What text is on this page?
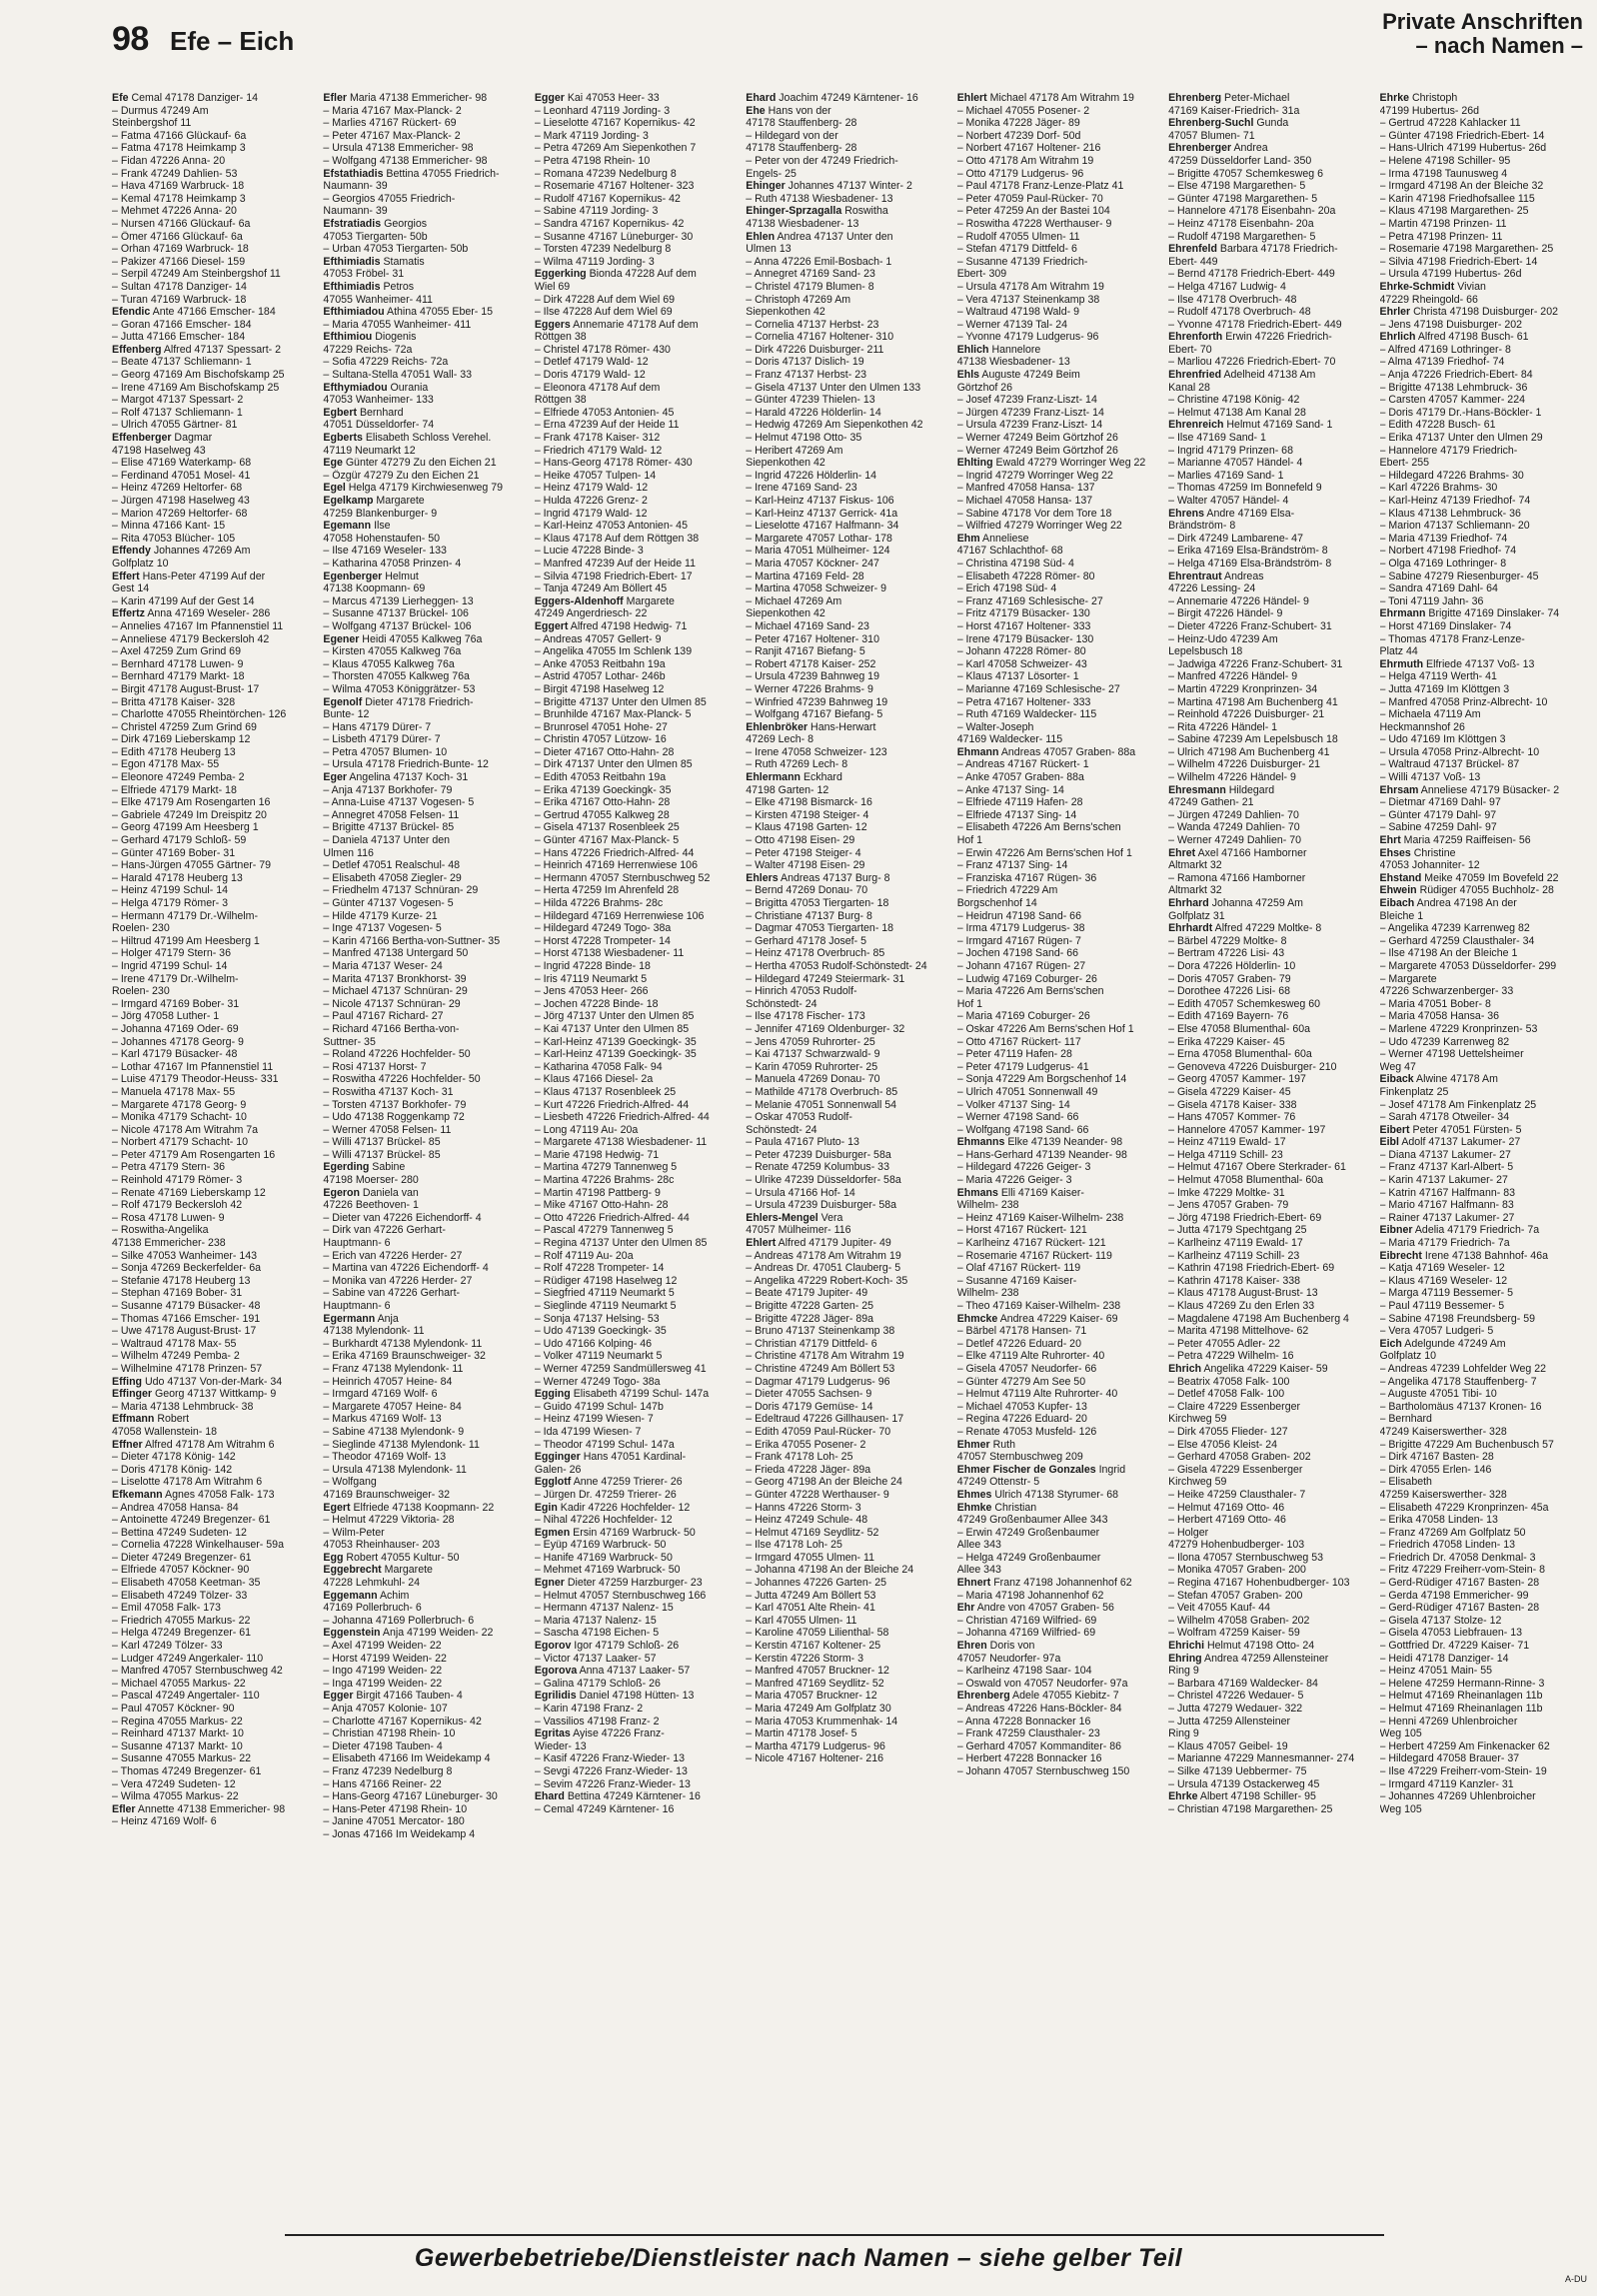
98 Efe – Eich
Private Anschriften
– nach Namen –
Efe Cemal 47178 Danziger- 14
– Durmus 47249 Am
Steinbergshof 11
– Fatma 47166 Glückauf- 6a
– Fatma 47178 Heimkamp 3
– Fidan 47226 Anna- 20
– Frank 47249 Dahlien- 53
– Hava 47169 Warbruck- 18
– Kemal 47178 Heimkamp 3
– Mehmet 47226 Anna- 20
– Nursen 47166 Glückauf- 6a
– Ömer 47166 Glückauf- 6a
– Orhan 47169 Warbruck- 18
– Pakizer 47166 Diesel- 159
– Serpil 47249 Am Steinbergshof 11
– Sultan 47178 Danziger- 14
– Turan 47169 Warbruck- 18
Efendic Ante 47166 Emscher- 184
– Goran 47166 Emscher- 184
– Jutta 47166 Emscher- 184
Effenberg Alfred 47137 Spessart- 2
– Beate 47137 Schliemann- 1
– Georg 47169 Am Bischofskamp 25
– Irene 47169 Am Bischofskamp 25
– Margot 47137 Spessart- 2
– Rolf 47137 Schliemann- 1
– Ulrich 47055 Gärtner- 81
Effenberger Dagmar
47198 Haselweg 43
– Elise 47169 Waterkamp- 68
– Ferdinand 47051 Mosel- 41
– Heinz 47269 Heltorfer- 68
– Jürgen 47198 Haselweg 43
– Marion 47269 Heltorfer- 68
– Minna 47166 Kant- 15
– Rita 47053 Blücher- 105
Effendy Johannes 47269 Am
Golfplatz 10
Effert Hans-Peter 47199 Auf der
Gest 14
– Karin 47199 Auf der Gest 14
Effertz Anna 47169 Weseler- 286
– Annelies 47167 Im Pfannenstiel 11
– Anneliese 47179 Beckersloh 42
– Axel 47259 Zum Grind 69
– Bernhard 47178 Luwen- 9
– Bernhard 47179 Markt- 18
– Birgit 47178 August-Brust- 17
– Britta 47178 Kaiser- 328
– Charlotte 47055 Rheintörchen- 126
– Christel 47259 Zum Grind 69
– Dirk 47169 Lieberskamp 12
– Edith 47178 Heuberg 13
– Egon 47178 Max- 55
– Eleonore 47249 Pemba- 2
– Elfriede 47179 Markt- 18
– Elke 47179 Am Rosengarten 16
– Gabriele 47249 Im Dreispitz 20
– Georg 47199 Am Heesberg 1
– Gerhard 47179 Schloß- 59
– Günter 47169 Bober- 31
– Hans-Jürgen 47055 Gärtner- 79
– Harald 47178 Heuberg 13
– Heinz 47199 Schul- 14
– Helga 47179 Römer- 3
– Hermann 47179 Dr.-Wilhelm-
Roelen- 230
– Hiltrud 47199 Am Heesberg 1
– Holger 47179 Stern- 36
– Ingrid 47199 Schul- 14
– Irene 47179 Dr.-Wilhelm-
Roelen- 230
– Irmgard 47169 Bober- 31
– Jörg 47058 Luther- 1
– Johanna 47169 Oder- 69
– Johannes 47178 Georg- 9
– Karl 47179 Büsacker- 48
– Lothar 47167 Im Pfannenstiel 11
– Luise 47179 Theodor-Heuss- 331
– Manuela 47178 Max- 55
– Margarete 47178 Georg- 9
– Monika 47179 Schacht- 10
– Nicole 47178 Am Witrahm 7a
– Norbert 47179 Schacht- 10
– Peter 47179 Am Rosengarten 16
– Petra 47179 Stern- 36
– Reinhold 47179 Römer- 3
– Renate 47169 Lieberskamp 12
– Rolf 47179 Beckersloh 42
– Rosa 47178 Luwen- 9
– Roswitha-Angelika
47138 Emmericher- 238
– Silke 47053 Wanheimer- 143
– Sonja 47269 Beckerfelder- 6a
– Stefanie 47178 Heuberg 13
– Stephan 47169 Bober- 31
– Susanne 47179 Büsacker- 48
– Thomas 47166 Emscher- 191
– Uwe 47178 August-Brust- 17
– Waltraud 47178 Max- 55
– Wilhelm 47249 Pemba- 2
– Wilhelmine 47178 Prinzen- 57
Effing Udo 47137 Von-der-Mark- 34
Effinger Georg 47137 Wittkamp- 9
– Maria 47138 Lehmbruck- 38
Effmann Robert
47058 Wallenstein- 18
Effner Alfred 47178 Am Witrahm 6
– Dieter 47178 König- 142
– Doris 47178 König- 142
– Liselotte 47178 Am Witrahm 6
Efkemann Agnes 47058 Falk- 173
– Andrea 47058 Hansa- 84
– Antoinette 47249 Bregenzer- 61
– Bettina 47249 Sudeten- 12
– Cornelia 47228 Winkelhauser- 59a
– Dieter 47249 Bregenzer- 61
– Elfriede 47057 Köckner- 90
– Elisabeth 47058 Keetman- 35
– Elisabeth 47249 Tölzer- 33
– Emil 47058 Falk- 173
– Friedrich 47055 Markus- 22
– Helga 47249 Bregenzer- 61
– Karl 47249 Tölzer- 33
– Ludger 47249 Angerkaler- 110
– Manfred 47057 Sternbuschweg 42
– Michael 47055 Markus- 22
– Pascal 47249 Angertaler- 110
– Paul 47057 Köckner- 90
– Regina 47055 Markus- 22
– Reinhard 47137 Markt- 10
– Susanne 47137 Markt- 10
– Susanne 47055 Markus- 22
– Thomas 47249 Bregenzer- 61
– Vera 47249 Sudeten- 12
– Wilma 47055 Markus- 22
Efler Annette 47138 Emmericher- 98
– Heinz 47169 Wolf- 6
Efler Maria 47138 Emmericher- 98
– Maria 47167 Max-Planck- 2
– Marlies 47167 Rückert- 69
– Peter 47167 Max-Planck- 2
– Ursula 47138 Emmericher- 98
– Wolfgang 47138 Emmericher- 98
Efstathiadis Bettina 47055 Friedrich-
Naumann- 39
– Georgios 47055 Friedrich-
Naumann- 39
Efstratiadis Georgios
47053 Tiergarten- 50b
– Urban 47053 Tiergarten- 50b
Efthimiadis Stamatis
47053 Fröbel- 31
Efthimiadis Petros
47055 Wanheimer- 411
Efthimiadou Athina 47055 Eber- 15
– Maria 47055 Wanheimer- 411
Efthimiou Diogenis
47229 Reichs- 72a
– Sofia 47229 Reichs- 72a
– Sultana-Stella 47051 Wall- 33
Efthymiadou Ourania
47053 Wanheimer- 133
Egbert Bernhard
47051 Düsseldorfer- 74
Egberts Elisabeth Schloss Verehel.
47119 Neumarkt 12
Ege Günter 47279 Zu den Eichen 21
– Özgür 47279 Zu den Eichen 21
Egel Helga 47179 Kirchwiesenweg 79
Egelkamp Margarete
47259 Blankenburger- 9
Egemann Ilse
47058 Hohenstaufen- 50
– Ilse 47169 Weseler- 133
– Katharina 47058 Prinzen- 4
Egenberger Helmut
47138 Koopmann- 69
– Marcus 47139 Lierheggen- 13
– Susanne 47137 Brückel- 106
– Wolfgang 47137 Brückel- 106
Egener Heidi 47055 Kalkweg 76a
– Kirsten 47055 Kalkweg 76a
– Klaus 47055 Kalkweg 76a
– Thorsten 47055 Kalkweg 76a
– Wilma 47053 Königgrätzer- 53
Egenolf Dieter 47178 Friedrich-
Bunte- 12
– Hans 47179 Dürer- 7
– Lisbeth 47179 Dürer- 7
– Petra 47057 Blumen- 10
– Ursula 47178 Friedrich-Bunte- 12
Eger Angelina 47137 Koch- 31
– Anja 47137 Borkhofer- 79
– Anna-Luise 47137 Vogesen- 5
– Annegret 47058 Felsen- 11
– Brigitte 47137 Brückel- 85
– Daniela 47137 Unter den
Ulmen 116
– Detlef 47051 Realschul- 48
– Elisabeth 47058 Ziegler- 29
– Friedhelm 47137 Schnüran- 29
– Günter 47137 Vogesen- 5
– Hilde 47179 Kurze- 21
– Inge 47137 Vogesen- 5
– Karin 47166 Bertha-von-Suttner- 35
– Manfred 47138 Untergard 50
– Maria 47137 Weser- 24
– Marita 47137 Bronkhorst- 39
– Michael 47137 Schnüran- 29
– Nicole 47137 Schnüran- 29
– Paul 47167 Richard- 27
– Richard 47166 Bertha-von-
Suttner- 35
– Roland 47226 Hochfelder- 50
– Rosi 47137 Horst- 7
– Roswitha 47226 Hochfelder- 50
– Roswitha 47137 Koch- 31
– Torsten 47137 Borkhofer- 79
– Udo 47138 Roggenkamp 72
– Werner 47058 Felsen- 11
– Willi 47137 Brückel- 85
– Willi 47137 Brückel- 85
Egerding Sabine
47198 Moerser- 280
Egeron Daniela van
47226 Beethoven- 1
– Dieter van 47226 Eichendorff- 4
– Dirk van 47226 Gerhart-
Hauptmann- 6
– Erich van 47226 Herder- 27
– Martina van 47226 Eichendorff- 4
– Monika van 47226 Herder- 27
– Sabine van 47226 Gerhart-
Hauptmann- 6
Egermann Anja
47138 Mylendonk- 11
– Burkhardt 47138 Mylendonk- 11
– Erika 47169 Braunschweiger- 32
– Franz 47138 Mylendonk- 11
– Heinrich 47057 Heine- 84
– Irmgard 47169 Wolf- 6
– Margarete 47057 Heine- 84
– Markus 47169 Wolf- 13
– Sabine 47138 Mylendonk- 9
– Sieglinde 47138 Mylendonk- 11
– Theodor 47169 Wolf- 13
– Ursula 47138 Mylendonk- 11
– Wolfgang
47169 Braunschweiger- 32
Egert Elfriede 47138 Koopmann- 22
– Helmut 47229 Viktoria- 28
– Wilm-Peter
47053 Rheinhauser- 203
Egg Robert 47055 Kultur- 50
Eggebrecht Margarete
47228 Lehmkuhl- 24
Eggemann Achim
47169 Pollerbruch- 6
– Johanna 47169 Pollerbruch- 6
Eggenstein Anja 47199 Weiden- 22
– Axel 47199 Weiden- 22
– Horst 47199 Weiden- 22
– Ingo 47199 Weiden- 22
– Inga 47199 Weiden- 22
Egger Birgit 47166 Tauben- 4
– Anja 47057 Kolonie- 107
– Charlotte 47167 Kopernikus- 42
– Christian 47198 Rhein- 10
– Dieter 47198 Tauben- 4
– Elisabeth 47166 Im Weidekamp 4
– Franz 47239 Nedelburg 8
– Hans 47166 Reiner- 22
– Hans-Georg 47167 Lüneburger- 30
– Hans-Peter 47198 Rhein- 10
– Janine 47051 Mercator- 180
– Jonas 47166 Im Weidekamp 4
Egger Kai 47053 Heer- 33
– Leonhard 47119 Jording- 3
– Lieselotte 47167 Kopernikus- 42
– Mark 47119 Jording- 3
– Petra 47269 Am Siepenkothen 7
– Petra 47198 Rhein- 10
– Romana 47239 Nedelburg 8
– Rosemarie 47167 Holtener- 323
– Rudolf 47167 Kopernikus- 42
– Sabine 47119 Jording- 3
– Sandra 47167 Kopernikus- 42
– Susanne 47167 Lüneburger- 30
– Torsten 47239 Nedelburg 8
– Wilma 47119 Jording- 3
Eggerking Bionda 47228 Auf dem
Wiel 69
– Dirk 47228 Auf dem Wiel 69
– Ilse 47228 Auf dem Wiel 69
Eggers Annemarie 47178 Auf dem
Röttgen 38
– Christel 47178 Römer- 430
– Detlef 47179 Wald- 12
– Doris 47179 Wald- 12
– Eleonora 47178 Auf dem
Röttgen 38
– Elfriede 47053 Antonien- 45
– Erna 47239 Auf der Heide 11
– Frank 47178 Kaiser- 312
– Friedrich 47179 Wald- 12
– Hans-Georg 47178 Römer- 430
– Heike 47057 Tulpen- 14
– Heinz 47179 Wald- 12
– Hulda 47226 Grenz- 2
– Ingrid 47179 Wald- 12
– Karl-Heinz 47053 Antonien- 45
– Klaus 47178 Auf dem Röttgen 38
– Lucie 47228 Binde- 3
– Manfred 47239 Auf der Heide 11
– Silvia 47198 Friedrich-Ebert- 17
– Tanja 47249 Am Böllert 45
Eggers-Aldenhoff Margarete
47249 Angerdriesch- 22
Eggert Alfred 47198 Hedwig- 71
– Andreas 47057 Gellert- 9
– Angelika 47055 Im Schlenk 139
– Anke 47053 Reitbahn 19a
– Astrid 47057 Lothar- 246b
– Birgit 47198 Haselweg 12
– Brigitte 47137 Unter den Ulmen 85
– Brunhilde 47167 Max-Planck- 5
– Brunrosel 47051 Hohe- 27
– Christin 47057 Lützow- 16
– Dieter 47167 Otto-Hahn- 28
– Dirk 47137 Unter den Ulmen 85
– Edith 47053 Reitbahn 19a
– Erika 47139 Goeckingk- 35
– Erika 47167 Otto-Hahn- 28
– Gertrud 47055 Kalkweg 28
– Gisela 47137 Rosenbleek 25
– Günter 47167 Max-Planck- 5
– Hans 47226 Friedrich-Alfred- 44
– Heinrich 47169 Herrenwiese 106
– Hermann 47057 Sternbuschweg 52
– Herta 47259 Im Ahrenfeld 28
– Hilda 47226 Brahms- 28c
– Hildegard 47169 Herrenwiese 106
– Hildegard 47249 Togo- 38a
– Horst 47228 Trompeter- 14
– Horst 47138 Wiesbadener- 11
– Ingrid 47228 Binde- 18
– Iris 47119 Neumarkt 5
– Jens 47053 Heer- 266
– Jochen 47228 Binde- 18
– Jörg 47137 Unter den Ulmen 85
– Kai 47137 Unter den Ulmen 85
– Karl-Heinz 47139 Goeckingk- 35
– Karl-Heinz 47139 Goeckingk- 35
– Katharina 47058 Falk- 94
– Klaus 47166 Diesel- 2a
– Klaus 47137 Rosenbleek 25
– Kurt 47226 Friedrich-Alfred- 44
– Liesbeth 47226 Friedrich-Alfred- 44
– Long 47119 Au- 20a
– Margarete 47138 Wiesbadener- 11
– Marie 47198 Hedwig- 71
– Martina 47279 Tannenweg 5
– Martina 47226 Brahms- 28c
– Martin 47198 Pattberg- 9
– Mike 47167 Otto-Hahn- 28
– Otto 47226 Friedrich-Alfred- 44
– Pascal 47279 Tannenweg 5
– Regina 47137 Unter den Ulmen 85
– Rolf 47119 Au- 20a
– Rolf 47228 Trompeter- 14
– Rüdiger 47198 Haselweg 12
– Siegfried 47119 Neumarkt 5
– Sieglinde 47119 Neumarkt 5
– Sonja 47137 Helsing- 53
– Udo 47139 Goeckingk- 35
– Udo 47166 Kolping- 46
– Volker 47119 Neumarkt 5
– Werner 47259 Sandmüllersweg 41
– Werner 47249 Togo- 38a
Egging Elisabeth 47199 Schul- 147a
– Guido 47199 Schul- 147b
– Heinz 47199 Wiesen- 7
– Ida 47199 Wiesen- 7
– Theodor 47199 Schul- 147a
Egginger Hans 47051 Kardinal-
Galen- 26
Egglotf Anne 47259 Trierer- 26
– Jürgen Dr. 47259 Trierer- 26
Egin Kadir 47226 Hochfelder- 12
– Nihal 47226 Hochfelder- 12
Egmen Ersin 47169 Warbruck- 50
– Eyüp 47169 Warbruck- 50
– Hanife 47169 Warbruck- 50
– Mehmet 47169 Warbruck- 50
Egner Dieter 47259 Harzburger- 23
– Helmut 47057 Sternbuschweg 166
– Hermann 47137 Nalenz- 15
– Maria 47137 Nalenz- 15
– Sascha 47198 Eichen- 5
Egorov Igor 47179 Schloß- 26
– Victor 47137 Laaker- 57
Egorova Anna 47137 Laaker- 57
– Galina 47179 Schloß- 26
Egrilidis Daniel 47198 Hütten- 13
– Karin 47198 Franz- 2
– Vassilios 47198 Franz- 2
Egritas Ayise 47226 Franz-
Wieder- 13
– Kasif 47226 Franz-Wieder- 13
– Sevgi 47226 Franz-Wieder- 13
– Sevim 47226 Franz-Wieder- 13
Ehard Bettina 47249 Kärntener- 16
– Cemal 47249 Kärntener- 16
Ehard Joachim 47249 Kärntener- 16
Ehe Hans von der
47178 Stauffenberg- 28
– Hildegard von der
47178 Stauffenberg- 28
– Peter von der 47249 Friedrich-
Engels- 25
Ehinger Johannes 47137 Winter- 2
– Ruth 47138 Wiesbadener- 13
Ehinger-Sprzagalla Roswitha
47138 Wiesbadener- 13
Ehlen Andrea 47137 Unter den
Ulmen 13
– Anna 47226 Emil-Bosbach- 1
– Annegret 47169 Sand- 23
– Christel 47179 Blumen- 8
– Christoph 47269 Am
Siepenkothen 42
– Cornelia 47137 Herbst- 23
– Cornelia 47167 Holtener- 310
– Dirk 47226 Duisburger- 211
– Doris 47137 Dislich- 19
– Franz 47137 Herbst- 23
– Gisela 47137 Unter den Ulmen 133
– Günter 47239 Thielen- 13
– Harald 47226 Hölderlin- 14
– Hedwig 47269 Am Siepenkothen 42
– Helmut 47198 Otto- 35
– Heribert 47269 Am
Siepenkothen 42
– Ingrid 47226 Hölderlin- 14
– Irene 47169 Sand- 23
– Karl-Heinz 47137 Fiskus- 106
– Karl-Heinz 47137 Gerrick- 41a
– Lieselotte 47167 Halfmann- 34
– Margarete 47057 Lothar- 178
– Maria 47051 Mülheimer- 124
– Maria 47057 Köckner- 247
– Martina 47169 Feld- 28
– Martina 47058 Schweizer- 9
– Michael 47269 Am
Siepenkothen 42
– Michael 47169 Sand- 23
– Peter 47167 Holtener- 310
– Ranjit 47167 Biefang- 5
– Robert 47178 Kaiser- 252
– Ursula 47239 Bahnweg 19
– Werner 47226 Brahms- 9
– Winfried 47239 Bahnweg 19
– Wolfgang 47167 Biefang- 5
Ehlenbröker Hans-Herwart
47269 Lech- 8
– Irene 47058 Schweizer- 123
– Ruth 47269 Lech- 8
Ehlermann Eckhard
47198 Garten- 12
– Elke 47198 Bismarck- 16
– Kirsten 47198 Steiger- 4
– Klaus 47198 Garten- 12
– Otto 47198 Eisen- 29
– Peter 47198 Steiger- 4
– Walter 47198 Eisen- 29
Ehlers Andreas 47137 Burg- 8
– Bernd 47269 Donau- 70
– Brigitta 47053 Tiergarten- 18
– Christiane 47137 Burg- 8
– Dagmar 47053 Tiergarten- 18
– Gerhard 47178 Josef- 5
– Heinz 47178 Overbruch- 85
– Hertha 47053 Rudolf-Schönstedt- 24
– Hildegard 47249 Steiermark- 31
– Hinrich 47053 Rudolf-
Schönstedt- 24
– Ilse 47178 Fischer- 173
– Jennifer 47169 Oldenburger- 32
– Jens 47059 Ruhrorter- 25
– Kai 47137 Schwarzwald- 9
– Karin 47059 Ruhrorter- 25
– Manuela 47269 Donau- 70
– Mathilde 47178 Overbruch- 85
– Melanie 47051 Sonnenwall 54
– Oskar 47053 Rudolf-
Schönstedt- 24
– Paula 47167 Pluto- 13
– Peter 47239 Duisburger- 58a
– Renate 47259 Kolumbus- 33
– Ulrike 47239 Düsseldorfer- 58a
– Ursula 47166 Hof- 14
– Ursula 47239 Duisburger- 58a
Ehlers-Mengel Vera
47057 Mülheimer- 116
Ehlert Alfred 47179 Jupiter- 49
– Andreas 47178 Am Witrahm 19
– Andreas Dr. 47051 Clauberg- 5
– Angelika 47229 Robert-Koch- 35
– Beate 47179 Jupiter- 49
– Brigitte 47228 Garten- 25
– Brigitte 47228 Jäger- 89a
– Bruno 47137 Steinenkamp 38
– Christian 47179 Dittfeld- 6
– Christine 47178 Am Witrahm 19
– Christine 47249 Am Böllert 53
– Dagmar 47179 Ludgerus- 96
– Dieter 47055 Sachsen- 9
– Doris 47179 Gemüse- 14
– Edeltraud 47226 Gillhausen- 17
– Edith 47059 Paul-Rücker- 70
– Erika 47055 Posener- 2
– Frank 47178 Loh- 25
– Frieda 47228 Jäger- 89a
– Georg 47198 An der Bleiche 24
– Günter 47228 Werthauser- 9
– Hanns 47226 Storm- 3
– Heinz 47249 Schule- 48
– Helmut 47169 Seydlitz- 52
– Ilse 47178 Loh- 25
– Irmgard 47055 Ulmen- 11
– Johanna 47198 An der Bleiche 24
– Johannes 47226 Garten- 25
– Jutta 47249 Am Böllert 53
– Karl 47051 Alte Rhein- 41
– Karl 47055 Ulmen- 11
– Karoline 47059 Lilienthal- 58
– Kerstin 47167 Koltener- 25
– Kerstin 47226 Storm- 3
– Manfred 47057 Bruckner- 12
– Manfred 47169 Seydlitz- 52
– Maria 47057 Bruckner- 12
– Maria 47249 Am Golfplatz 30
– Maria 47053 Krummenhak- 14
– Martin 47178 Josef- 5
– Martha 47179 Ludgerus- 96
– Nicole 47167 Holtener- 216
Ehlert Michael 47178 Am Witrahm 19
– Michael 47055 Posener- 2
– Monika 47228 Jäger- 89
– Norbert 47239 Dorf- 50d
– Norbert 47167 Holtener- 216
– Otto 47178 Am Witrahm 19
– Otto 47179 Ludgerus- 96
– Paul 47178 Franz-Lenze-Platz 41
– Peter 47059 Paul-Rücker- 70
– Peter 47259 An der Bastei 104
– Roswitha 47228 Werthauser- 9
– Rudolf 47055 Ulmen- 11
– Stefan 47179 Dittfeld- 6
– Susanne 47139 Friedrich-
Ebert- 309
– Ursula 47178 Am Witrahm 19
– Vera 47137 Steinenkamp 38
– Waltraud 47198 Wald- 9
– Werner 47139 Tal- 24
– Yvonne 47179 Ludgerus- 96
Ehlich Hannelore
47138 Wiesbadener- 13
Ehls Auguste 47249 Beim
Görtzhof 26
– Josef 47239 Franz-Liszt- 14
– Jürgen 47239 Franz-Liszt- 14
– Ursula 47239 Franz-Liszt- 14
– Werner 47249 Beim Görtzhof 26
– Werner 47249 Beim Görtzhof 26
Ehlting Ewald 47279 Worringer Weg 22
– Ingrid 47279 Worringer Weg 22
– Manfred 47058 Hansa- 137
– Michael 47058 Hansa- 137
– Sabine 47178 Vor dem Tore 18
– Wilfried 47279 Worringer Weg 22
Ehm Anneliese
47167 Schlachthof- 68
– Christina 47198 Süd- 4
– Elisabeth 47228 Römer- 80
– Erich 47198 Süd- 4
– Franz 47169 Schlesische- 27
– Fritz 47179 Büsacker- 130
– Horst 47167 Holtener- 333
– Irene 47179 Büsacker- 130
– Johann 47228 Römer- 80
– Karl 47058 Schweizer- 43
– Klaus 47137 Lösorter- 1
– Marianne 47169 Schlesische- 27
– Petra 47167 Holtener- 333
– Ruth 47169 Waldecker- 115
– Walter-Joseph
47169 Waldecker- 115
Ehmann Andreas 47057 Graben- 88a
– Andreas 47167 Rückert- 1
– Anke 47057 Graben- 88a
– Anke 47137 Sing- 14
– Elfriede 47119 Hafen- 28
– Elfriede 47137 Sing- 14
– Elisabeth 47226 Am Berns'schen
Hof 1
– Erwin 47226 Am Berns'schen Hof 1
– Franz 47137 Sing- 14
– Franziska 47167 Rügen- 36
– Friedrich 47229 Am
Borgschenhof 14
– Heidrun 47198 Sand- 66
– Irma 47179 Ludgerus- 38
– Irmgard 47167 Rügen- 7
– Jochen 47198 Sand- 66
– Johann 47167 Rügen- 27
– Ludwig 47169 Coburger- 26
– Maria 47226 Am Berns'schen
Hof 1
– Maria 47169 Coburger- 26
– Oskar 47226 Am Berns'schen Hof 1
– Otto 47167 Rückert- 117
– Peter 47119 Hafen- 28
– Peter 47179 Ludgerus- 41
– Sonja 47229 Am Borgschenhof 14
– Ulrich 47051 Sonnenwall 49
– Volker 47137 Sing- 14
– Werner 47198 Sand- 66
– Wolfgang 47198 Sand- 66
Ehmanns Elke 47139 Neander- 98
– Hans-Gerhard 47139 Neander- 98
– Hildegard 47226 Geiger- 3
– Maria 47226 Geiger- 3
Ehmans Elli 47169 Kaiser-
Wilhelm- 238
– Heinz 47169 Kaiser-Wilhelm- 238
– Horst 47167 Rückert- 121
– Karlheinz 47167 Rückert- 121
– Rosemarie 47167 Rückert- 119
– Olaf 47167 Rückert- 119
– Susanne 47169 Kaiser-
Wilhelm- 238
– Theo 47169 Kaiser-Wilhelm- 238
Ehmcke Andrea 47229 Kaiser- 69
– Bärbel 47178 Hansen- 71
– Detlef 47226 Eduard- 20
– Elke 47119 Alte Ruhrorter- 40
– Gisela 47057 Neudorfer- 66
– Günter 47279 Am See 50
– Helmut 47119 Alte Ruhrorter- 40
– Michael 47053 Kupfer- 13
– Regina 47226 Eduard- 20
– Renate 47053 Musfeld- 126
Ehmer Ruth
47057 Sternbuschweg 209
Ehmer Fischer de Gonzales Ingrid
47249 Ottenstr- 5
Ehmes Ulrich 47138 Styrumer- 68
Ehmke Christian
47249 Großenbaumer Allee 343
– Erwin 47249 Großenbaumer
Allee 343
– Helga 47249 Großenbaumer
Allee 343
Ehnert Franz 47198 Johannenhof 62
– Maria 47198 Johannenhof 62
Ehr Andre von 47057 Graben- 56
– Christian 47169 Wilfried- 69
– Johanna 47169 Wilfried- 69
Ehren Doris von
47057 Neudorfer- 97a
– Karlheinz 47198 Saar- 104
– Oswald von 47057 Neudorfer- 97a
Ehrenberg Adele 47055 Kiebitz- 7
– Andreas 47226 Hans-Böckler- 84
– Anna 47228 Bonnacker 16
– Frank 47259 Clausthaler- 23
– Gerhard 47057 Kommanditer- 86
– Herbert 47228 Bonnacker 16
– Johann 47057 Sternbuschweg 150
Ehrenberg Peter-Michael
47169 Kaiser-Friedrich- 31a
Ehrenberg-Suchl Gunda
47057 Blumen- 71
Ehrenberger Andrea
47259 Düsseldorfer Land- 350
– Brigitte 47057 Schemkesweg 6
– Else 47198 Margarethen- 5
– Günter 47198 Margarethen- 5
– Hannelore 47178 Eisenbahn- 20a
– Heinz 47178 Eisenbahn- 20a
– Rudolf 47198 Margarethen- 5
Ehrenfeld Barbara 47178 Friedrich-
Ebert- 449
– Bernd 47178 Friedrich-Ebert- 449
– Helga 47167 Ludwig- 4
– Ilse 47178 Overbruch- 48
– Rudolf 47178 Overbruch- 48
– Yvonne 47178 Friedrich-Ebert- 449
Ehrenforth Erwin 47226 Friedrich-
Ebert- 70
– Marliou 47226 Friedrich-Ebert- 70
Ehrenfried Adelheid 47138 Am
Kanal 28
– Christine 47198 König- 42
– Helmut 47138 Am Kanal 28
Ehrenreich Helmut 47169 Sand- 1
– Ilse 47169 Sand- 1
– Ingrid 47179 Prinzen- 68
– Marianne 47057 Händel- 4
– Marlies 47169 Sand- 1
– Thomas 47259 Im Bonnefeld 9
– Walter 47057 Händel- 4
Ehrens Andre 47169 Elsa-
Brändström- 8
– Dirk 47249 Lambarene- 47
– Erika 47169 Elsa-Brändström- 8
– Helga 47169 Elsa-Brändström- 8
Ehrentraut Andreas
47226 Lessing- 24
– Annemarie 47226 Händel- 9
– Birgit 47226 Händel- 9
– Dieter 47226 Franz-Schubert- 31
– Heinz-Udo 47239 Am
Lepelsbusch 18
– Jadwiga 47226 Franz-Schubert- 31
– Manfred 47226 Händel- 9
– Martin 47229 Kronprinzen- 34
– Martina 47198 Am Buchenberg 41
– Reinhold 47226 Duisburger- 21
– Rita 47226 Händel- 1
– Sabine 47239 Am Lepelsbusch 18
– Ulrich 47198 Am Buchenberg 41
– Wilhelm 47226 Duisburger- 21
– Wilhelm 47226 Händel- 9
Ehresmann Hildegard
47249 Gathen- 21
– Jürgen 47249 Dahlien- 70
– Wanda 47249 Dahlien- 70
– Werner 47249 Dahlien- 70
Ehret Axel 47166 Hamborner
Altmarkt 32
– Ramona 47166 Hamborner
Altmarkt 32
Ehrhard Johanna 47259 Am
Golfplatz 31
Ehrhardt Alfred 47229 Moltke- 8
– Bärbel 47229 Moltke- 8
– Bertram 47226 Lisi- 43
– Dora 47226 Hölderlin- 10
– Doris 47057 Graben- 79
– Dorothee 47226 Lisi- 68
– Edith 47057 Schemkesweg 60
– Edith 47169 Bayern- 76
– Else 47058 Blumenthal- 60a
– Erika 47229 Kaiser- 45
– Erna 47058 Blumenthal- 60a
– Genoveva 47226 Duisburger- 210
– Georg 47057 Kammer- 197
– Gisela 47229 Kaiser- 45
– Gisela 47178 Kaiser- 338
– Hans 47057 Kommer- 76
– Hannelore 47057 Kammer- 197
– Heinz 47119 Ewald- 17
– Helga 47119 Schill- 23
– Helmut 47167 Obere Sterkrader- 61
– Helmut 47058 Blumenthal- 60a
– Imke 47229 Moltke- 31
– Jens 47057 Graben- 79
– Jörg 47198 Friedrich-Ebert- 69
– Jutta 47179 Spechtgang 25
– Karlheinz 47119 Ewald- 17
– Karlheinz 47119 Schill- 23
– Kathrin 47198 Friedrich-Ebert- 69
– Kathrin 47178 Kaiser- 338
– Klaus 47178 August-Brust- 13
– Klaus 47269 Zu den Erlen 33
– Magdalene 47198 Am Buchenberg 4
– Marita 47198 Mittelhove- 62
– Peter 47055 Adler- 22
– Petra 47229 Wilhelm- 16
Ehrich Angelika 47229 Kaiser- 59
– Beatrix 47058 Falk- 100
– Detlef 47058 Falk- 100
– Claire 47229 Essenberger
Kirchweg 59
– Dirk 47055 Flieder- 127
– Else 47056 Kleist- 24
– Gerhard 47058 Graben- 202
– Gisela 47229 Essenberger
Kirchweg 59
– Heike 47259 Clausthaler- 7
– Helmut 47169 Otto- 46
– Herbert 47169 Otto- 46
– Holger
47279 Hohenbudberger- 103
– Ilona 47057 Sternbuschweg 53
– Monika 47057 Graben- 200
– Regina 47167 Hohenbudberger- 103
– Stefan 47057 Graben- 200
– Veit 47055 Kauf- 44
– Wilhelm 47058 Graben- 202
– Wolfram 47259 Kaiser- 59
Ehrichi Helmut 47198 Otto- 24
Ehring Andrea 47259 Allensteiner
Ring 9
– Barbara 47169 Waldecker- 84
– Christel 47226 Wedauer- 5
– Jutta 47279 Wedauer- 322
– Jutta 47259 Allensteiner
Ring 9
– Klaus 47057 Geibel- 19
– Marianne 47229 Mannesmanner- 274
– Silke 47139 Uebbermer- 75
– Ursula 47139 Ostackerweg 45
Ehrke Albert 47198 Schiller- 95
– Christian 47198 Margarethen- 25
Ehrke Christoph
47199 Hubertus- 26d
– Gertrud 47228 Kahlacker 11
– Günter 47198 Friedrich-Ebert- 14
– Hans-Ulrich 47199 Hubertus- 26d
– Helene 47198 Schiller- 95
– Irma 47198 Taunusweg 4
– Irmgard 47198 An der Bleiche 32
– Karin 47198 Friedhofsallee 115
– Klaus 47198 Margarethen- 25
– Martin 47198 Prinzen- 11
– Petra 47198 Prinzen- 11
– Rosemarie 47198 Margarethen- 25
– Silvia 47198 Friedrich-Ebert- 14
– Ursula 47199 Hubertus- 26d
Ehrke-Schmidt Vivian
47229 Rheingold- 66
Ehrler Christa 47198 Duisburger- 202
– Jens 47198 Duisburger- 202
Ehrlich Alfred 47198 Busch- 61
– Alfred 47169 Lothringer- 8
– Alma 47139 Friedhof- 74
– Anja 47226 Friedrich-Ebert- 84
– Brigitte 47138 Lehmbruck- 36
– Carsten 47057 Kammer- 224
– Doris 47179 Dr.-Hans-Böckler- 1
– Edith 47228 Busch- 61
– Erika 47137 Unter den Ulmen 29
– Hannelore 47179 Friedrich-
Ebert- 255
– Hildegard 47226 Brahms- 30
– Karl 47226 Brahms- 30
– Karl-Heinz 47139 Friedhof- 74
– Klaus 47138 Lehmbruck- 36
– Marion 47137 Schliemann- 20
– Maria 47139 Friedhof- 74
– Norbert 47198 Friedhof- 74
– Olga 47169 Lothringer- 8
– Sabine 47279 Riesenburger- 45
– Sandra 47169 Dahl- 64
– Toni 47119 Jahn- 36
Ehrmann Brigitte 47169 Dinslaker- 74
– Horst 47169 Dinslaker- 74
– Thomas 47178 Franz-Lenze-
Platz 44
Ehrmuth Elfriede 47137 Voß- 13
– Helga 47119 Werth- 41
– Jutta 47169 Im Klöttgen 3
– Manfred 47058 Prinz-Albrecht- 10
– Michaela 47119 Am
Heckmannshof 26
– Udo 47169 Im Klöttgen 3
– Ursula 47058 Prinz-Albrecht- 10
– Waltraud 47137 Brückel- 87
– Willi 47137 Voß- 13
Ehrsam Anneliese 47179 Büsacker- 2
– Dietmar 47169 Dahl- 97
– Günter 47179 Dahl- 97
– Sabine 47259 Dahl- 97
Ehrt Maria 47259 Raiffeisen- 56
Ehses Christine
47053 Johanniter- 12
Ehstand Meike 47059 Im Bovefeld 22
Ehwein Rüdiger 47055 Buchholz- 28
Eibach Andrea 47198 An der
Bleiche 1
– Angelika 47239 Karrenweg 82
– Gerhard 47259 Clausthaler- 34
– Ilse 47198 An der Bleiche 1
– Margarete 47053 Düsseldorfer- 299
– Margarete
47226 Schwarzenberger- 33
– Maria 47051 Bober- 8
– Maria 47058 Hansa- 36
– Marlene 47229 Kronprinzen- 53
– Udo 47239 Karrenweg 82
– Werner 47198 Uettelsheimer
Weg 47
Eiback Alwine 47178 Am
Finkenplatz 25
– Josef 47178 Am Finkenplatz 25
– Sarah 47178 Otweiler- 34
Eibert Peter 47051 Fürsten- 5
Eibl Adolf 47137 Lakumer- 27
– Diana 47137 Lakumer- 27
– Franz 47137 Karl-Albert- 5
– Karin 47137 Lakumer- 27
– Katrin 47167 Halfmann- 83
– Mario 47167 Halfmann- 83
– Rainer 47137 Lakumer- 27
Eibner Adelia 47179 Friedrich- 7a
– Maria 47179 Friedrich- 7a
Eibrecht Irene 47138 Bahnhof- 46a
– Katja 47169 Weseler- 12
– Klaus 47169 Weseler- 12
– Marga 47119 Bessemer- 5
– Paul 47119 Bessemer- 5
– Sabine 47198 Freundsberg- 59
– Vera 47057 Ludgeri- 5
Eich Adelgunde 47249 Am
Golfplatz 10
– Andreas 47239 Lohfelder Weg 22
– Angelika 47178 Stauffenberg- 7
– Auguste 47051 Tibi- 10
– Bartholomäus 47137 Kronen- 16
– Bernhard
47249 Kaiserswerther- 328
– Brigitte 47229 Am Buchenbusch 57
– Dirk 47167 Basten- 28
– Dirk 47055 Erlen- 146
– Elisabeth
47259 Kaiserswerther- 328
– Elisabeth 47229 Kronprinzen- 45a
– Erika 47058 Linden- 13
– Franz 47269 Am Golfplatz 50
– Friedrich 47058 Linden- 13
– Friedrich Dr. 47058 Denkmal- 3
– Fritz 47229 Freiherr-vom-Stein- 8
– Gerd-Rüdiger 47167 Basten- 28
– Gerda 47198 Emmericher- 99
– Gerd-Rüdiger 47167 Basten- 28
– Gisela 47137 Stolze- 12
– Gisela 47053 Liebfrauen- 13
– Gottfried Dr. 47229 Kaiser- 71
– Heidi 47178 Danziger- 14
– Heinz 47051 Main- 55
– Helene 47259 Hermann-Rinne- 3
– Helmut 47169 Rheinanlagen 11b
– Helmut 47169 Rheinanlagen 11b
– Henni 47269 Uhlenbroicher
Weg 105
– Herbert 47259 Am Finkenacker 62
– Hildegard 47058 Brauer- 37
– Ilse 47229 Freiherr-vom-Stein- 19
– Irmgard 47119 Kanzler- 31
– Johannes 47269 Uhlenbroicher
Weg 105
Gewerbebetriebe/Dienstleister nach Namen – siehe gelber Teil
A-DU
